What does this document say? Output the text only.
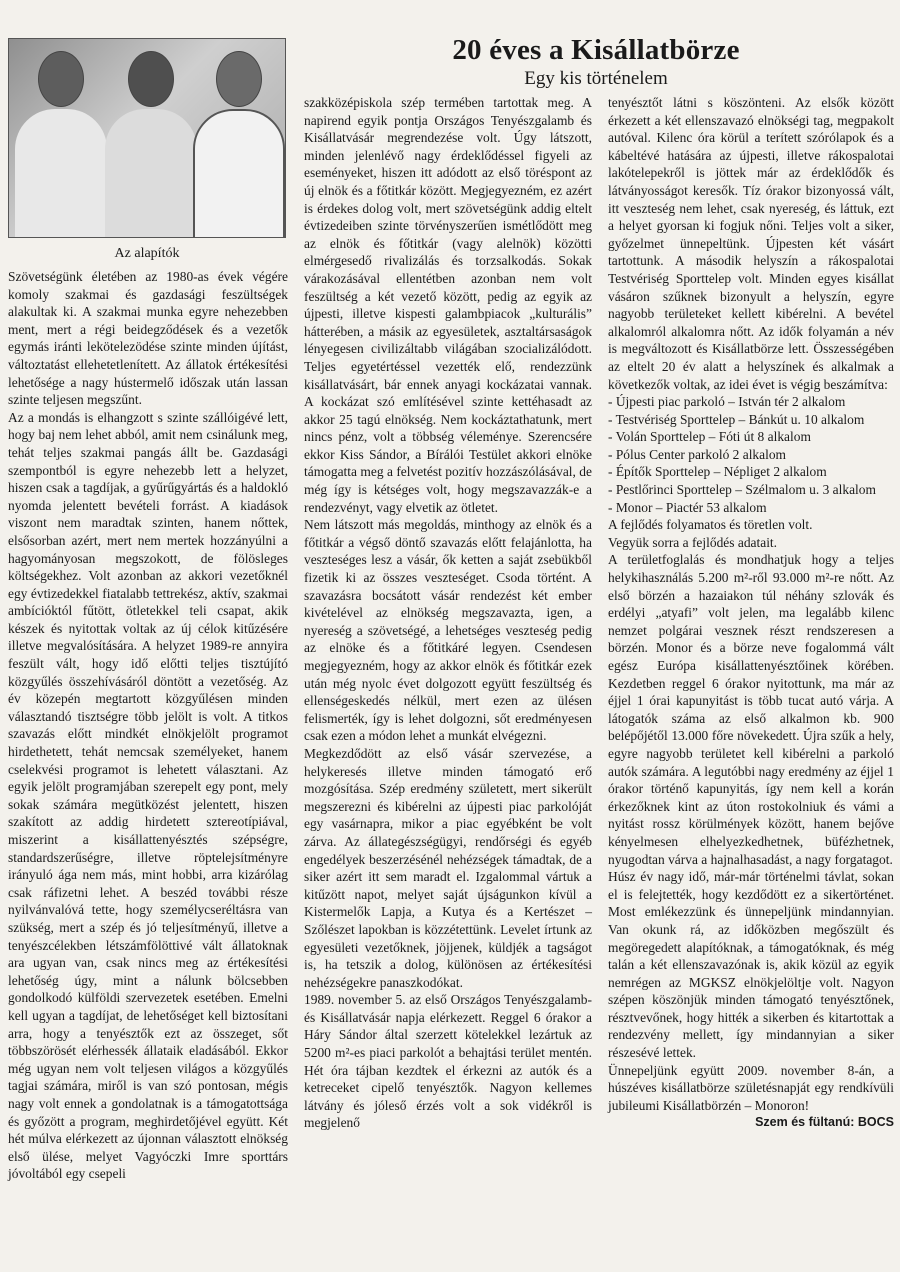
Az alapítók
20 éves a Kisállatbörze
Egy kis történelem

Szövetségünk életében az 1980-as évek végére komoly szakmai és gazdasági feszültségek alakultak ki. A szakmai munka egyre nehezebben ment, mert a régi beidegződések és a vezetők egymás iránti lekötelezödése szinte minden újítást, változtatást ellehetetlenített. Az állatok értékesítési lehetősége a nagy hústermelő időszak után lassan szinte teljesen megszűnt.

Az a mondás is elhangzott s szinte szállóigévé lett, hogy baj nem lehet abból, amit nem csinálunk meg, tehát teljes szakmai pangás állt be. Gazdasági szempontból is egyre nehezebb lett a helyzet, hiszen csak a tagdíjak, a gyűrűgyártás és a haldokló nyomda jelentett bevételi forrást. A kiadások viszont nem maradtak szinten, hanem nőttek, elsősorban azért, mert nem mertek hozzányúlni a hagyományosan megszokott, de fölösleges költségekhez. Volt azonban az akkori vezetőknél egy évtizedekkel fiatalabb tettrekész, aktív, szakmai ambícióktól fűtött, ötletekkel teli csapat, akik készek és nyitottak voltak az új célok kitűzésére illetve megvalósítására. A helyzet 1989-re annyira feszült vált, hogy idő előtti teljes tisztújító közgyűlés összehívásáról döntött a vezetőség. Az év közepén megtartott közgyűlésen minden választandó tisztségre több jelölt is volt. A titkos szavazás előtt mindkét elnökjelölt programot hirdethetett, tehát nemcsak személyeket, hanem cselekvési programot is lehetett választani. Az egyik jelölt programjában szerepelt egy pont, mely sokak számára megütközést jelentett, hiszen szakított az addig hirdetett sztereotípiával, miszerint a kisállattenyésztés szépségre, standardszerűségre, illetve röptelejsítményre irányuló ága nem más, mint hobbi, arra kizárólag csak ráfizetni lehet. A beszéd további része nyilvánvalóvá tette, hogy személycseréltásra van szükség, mert a szép és jó teljesítményű, illetve a tenyészcélekben létszámfölöttivé vált állatoknak ara ugyan van, csak nincs meg az értékesítési lehetőség úgy, mint a nálunk bölcsebben gondolkodó külföldi szervezetek esetében. Emelni kell ugyan a tagdíjat, de lehetőséget kell biztosítani arra, hogy a tenyésztők ezt az összeget, sőt többszörösét elérhessék állataik eladásából. Ekkor még ugyan nem volt teljesen világos a közgyűlés tagjai számára, miről is van szó pontosan, mégis nagy volt ennek a gondolatnak is a támogatottsága és győzött a program, meghirdetőjével együtt. Két hét múlva elérkezett az újonnan választott elnökség első ülése, melyet Vagyóczki Imre sporttárs jóvoltából egy csepeli

szakközépiskola szép termében tartottak meg. A napirend egyik pontja Országos Tenyészgalamb és Kisállatvásár megrendezése volt. Úgy látszott, minden jelenlévő nagy érdeklődéssel figyeli az eseményeket, hiszen itt adódott az első töréspont az új elnök és a főtitkár között. Megjegyezném, ez azért is érdekes dolog volt, mert szövetségünk addig eltelt évtizedeiben szinte törvényszerűen ismétlődött meg az elnök és főtitkár (vagy alelnök) közötti elmérgesedő rivalizálás és torzsalkodás. Sokak várakozásával ellentétben azonban nem volt feszültség a két vezető között, pedig az egyik az újpesti, illetve kispesti galambpiacok „kulturális” hátterében, a másik az egyesületek, asztaltársaságok lényegesen civilizáltabb világában szocializálódott. Teljes egyetértéssel vezették elő, rendezzünk kisállatvásárt, bár ennek anyagi kockázatai vannak. A kockázat szó említésével szinte kettéhasadt az akkor 25 tagú elnökség. Nem kockáztathatunk, mert nincs pénz, volt a többség véleménye. Szerencsére ekkor Kiss Sándor, a Bírálói Testület akkori elnöke támogatta meg a felvetést pozitív hozzászólásával, de még így is kétséges volt, hogy megszavazzák-e a rendezvényt, vagy elvetik az ötletet.

Nem látszott más megoldás, minthogy az elnök és a főtitkár a végső döntő szavazás előtt felajánlotta, ha veszteséges lesz a vásár, ők ketten a saját zsebükből fizetik ki az összes veszteséget. Csoda történt. A szavazásra bocsátott vásár rendezést két ember kivételével az elnökség megszavazta, igen, a nyereség a szövetségé, a lehetséges veszteség pedig az elnöke és a főtitkáré legyen. Csendesen megjegyezném, hogy az akkor elnök és főtitkár ezek után még nyolc évet dolgozott együtt feszültség és ellenségeskedés nélkül, mert ezen az ülésen felismerték, így is lehet dolgozni, sőt eredményesen csak ezen a módon lehet a munkát elvégezni.

Megkezdődött az első vásár szervezése, a helykeresés illetve minden támogató erő mozgósítása. Szép eredmény született, mert sikerült megszerezni és kibérelni az újpesti piac parkolóját egy vasárnapra, mikor a piac egyébként be volt zárva. Az állategészségügyi, rendőrségi és egyéb engedélyek beszerzésénél nehézségek támadtak, de a siker azért itt sem maradt el. Izgalommal vártuk a kitűzött napot, melyet saját újságunkon kívül a Kistermelők Lapja, a Kutya és a Kertészet – Szőlészet lapokban is közzétettünk. Levelet írtunk az egyesületi vezetőknek, jöjjenek, küldjék a tagságot is, ha tetszik a dolog, különösen az értékesítési nehézségekre panaszkodókat.

1989. november 5. az első Országos Tenyészgalamb- és Kisállatvásár napja elérkezett. Reggel 6 órakor a Háry Sándor által szerzett kötelekkel lezártuk az 5200 m²-es piaci parkolót a behajtási terület mentén. Hét óra tájban kezdtek el érkezni az autók és a ketreceket cipelő tenyésztők. Nagyon kellemes látvány és jóleső érzés volt a sok vidékről is megjelenő

tenyésztőt látni s köszönteni. Az elsők között érkezett a két ellenszavazó elnökségi tag, megpakolt autóval. Kilenc óra körül a terített szórólapok és a kábeltévé hatására az újpesti, illetve rákospalotai lakótelepekről is jöttek már az érdeklődők és látványosságot keresők. Tíz órakor bizonyossá vált, itt veszteség nem lehet, csak nyereség, és láttuk, ezt a helyet gyorsan ki fogjuk nőni. Teljes volt a siker, győzelmet ünnepeltünk. Újpesten két vásárt tartottunk. A második helyszín a rákospalotai Testvériség Sporttelep volt. Minden egyes kisállat vásáron szűknek bizonyult a helyszín, egyre nagyobb területeket kellett kibérelni. A bevétel alkalomról alkalomra nőtt. Az idők folyamán a név is megváltozott és Kisállatbörze lett. Összességében az eltelt 20 év alatt a helyszínek és alkalmak a következők voltak, az idei évet is végig beszámítva:

- Újpesti piac parkoló – István tér 2 alkalom

- Testvériség Sporttelep – Bánkút u. 10 alkalom

- Volán Sporttelep – Fóti út 8 alkalom

- Pólus Center parkoló 2 alkalom

- Építők Sporttelep – Népliget 2 alkalom

- Pestlőrinci Sporttelep – Szélmalom u. 3 alkalom

- Monor – Piactér 53 alkalom

A fejlődés folyamatos és töretlen volt.

Vegyük sorra a fejlődés adatait.

A területfoglalás és mondhatjuk hogy a teljes helykihasználás 5.200 m²-ről 93.000 m²-re nőtt. Az első börzén a hazaiakon túl néhány szlovák és erdélyi „atyafi” volt jelen, ma legalább kilenc nemzet polgárai vesznek részt rendszeresen a börzén. Monor és a börze neve fogalommá vált egész Európa kisállattenyésztőinek körében. Kezdetben reggel 6 órakor nyitottunk, ma már az éjjel 1 órai kapunyitást is több tucat autó várja. A látogatók száma az első alkalmon kb. 900 belépőjétől 13.000 főre növekedett. Újra szűk a hely, egyre nagyobb területet kell kibérelni a parkoló autók számára. A legutóbbi nagy eredmény az éjjel 1 órakor történő kapunyitás, így nem kell a korán érkezőknek kint az úton rostokolniuk és vámi a nyitást rossz körülmények között, hanem bejőve kényelmesen elhelyezkedhetnek, büfézhetnek, nyugodtan várva a hajnalhasadást, a nagy forgatagot.

Húsz év nagy idő, már-már történelmi távlat, sokan el is felejtették, hogy kezdődött ez a sikertörténet. Most emlékezzünk és ünnepeljünk mindannyian. Van okunk rá, az időközben megőszült és megöregedett alapítóknak, a támogatóknak, és még talán a két ellenszavazónak is, akik közül az egyik nemrégen az MGKSZ elnökjelöltje volt. Nagyon szépen köszönjük minden támogató tenyésztőnek, résztvevőnek, hogy hitték a sikerben és kitartottak a rendezvény mellett, így mindannyian a siker részesévé lettek.

Ünnepeljünk együtt 2009. november 8-án, a húszéves kisállatbörze születésnapját egy rendkívüli jubileumi Kisállatbörzén – Monoron!

Szem és fültanú: BOCS
